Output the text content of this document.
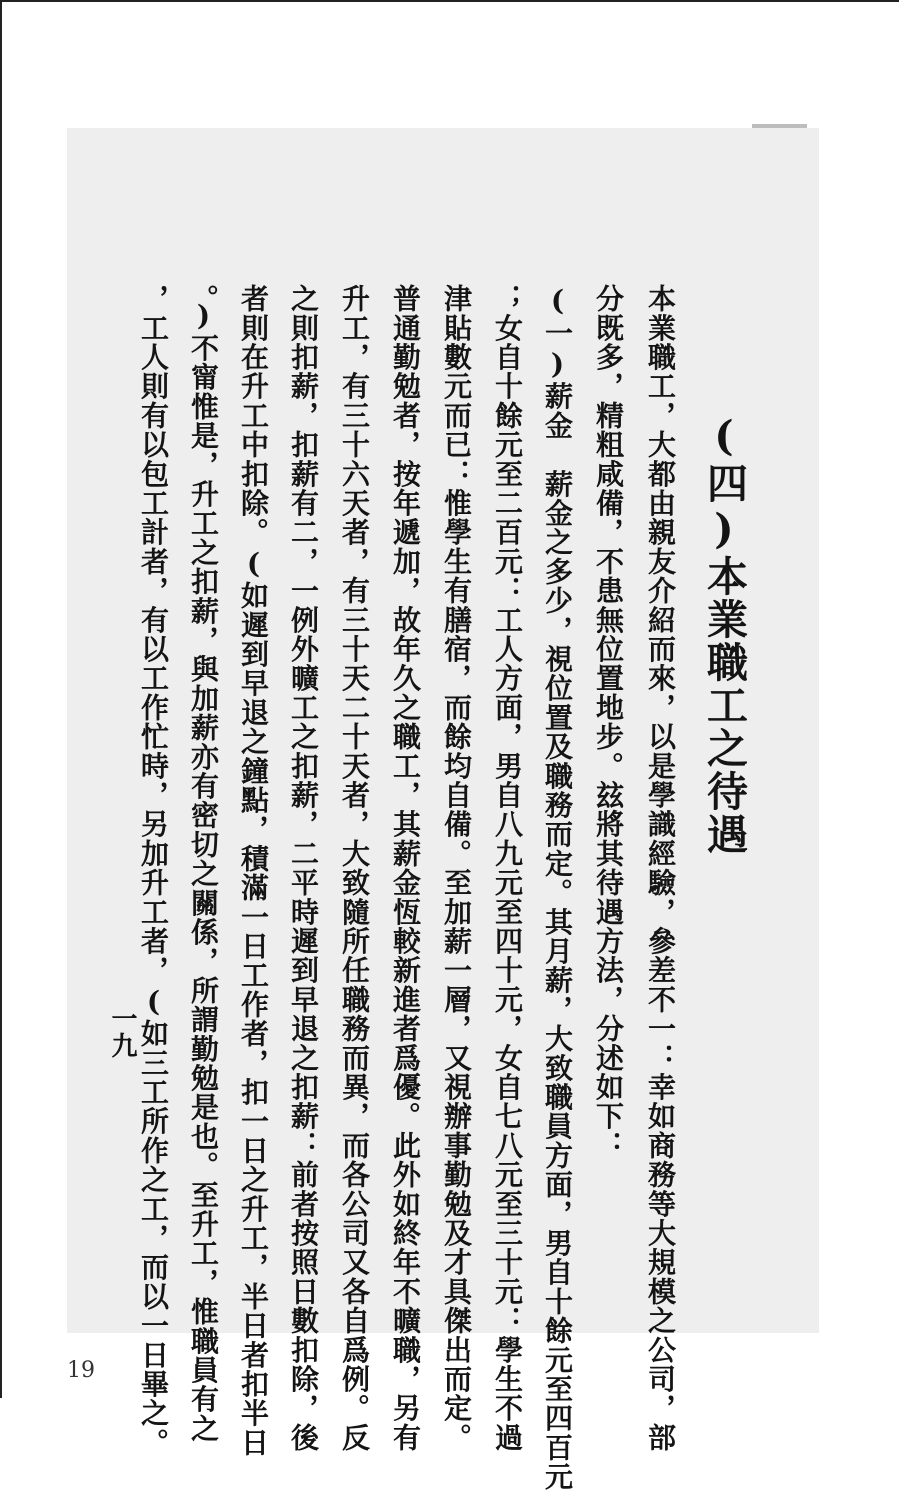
(四)本業職工之待遇
本業職工，大都由親友介紹而來，以是學識經驗，參差不一：幸如商務等大規模之公司，部
分既多，精粗咸備，不患無位置地步。玆將其待遇方法，分述如下：
(一)薪金　薪金之多少，視位置及職務而定。其月薪，大致職員方面，男自十餘元至四百元
；女自十餘元至二百元：工人方面，男自八九元至四十元，女自七八元至三十元：學生不過
津貼數元而已：惟學生有膳宿，而餘均自備。至加薪一層，又視辦事勤勉及才具傑出而定。
普通勤勉者，按年遞加，故年久之職工，其薪金恆較新進者爲優。此外如終年不曠職，另有
升工，有三十六天者，有三十天二十天者，大致隨所任職務而異，而各公司又各自爲例。反
之則扣薪，扣薪有二，一例外曠工之扣薪，二平時遲到早退之扣薪：前者按照日數扣除，後
者則在升工中扣除。(如遲到早退之鐘點，積滿一日工作者，扣一日之升工，半日者扣半日
。)不甯惟是，升工之扣薪，與加薪亦有密切之關係，所謂勤勉是也。至升工，惟職員有之
，工人則有以包工計者，有以工作忙時，另加升工者，(如三工所作之工，而以一日畢之。
一九
19
